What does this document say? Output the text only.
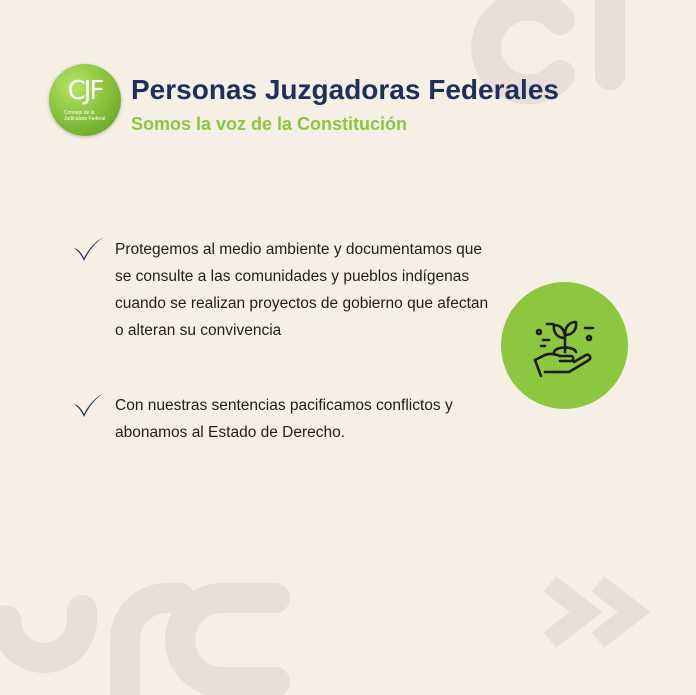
CJF
Consejo de la Judicatura Federal
Personas Juzgadoras Federales
Somos la voz de la Constitución
Protegemos al medio ambiente y documentamos que se consulte a las comunidades y pueblos indígenas cuando se realizan proyectos de gobierno que afectan o alteran su convivencia
Con nuestras sentencias pacificamos conflictos y abonamos al Estado de Derecho.
